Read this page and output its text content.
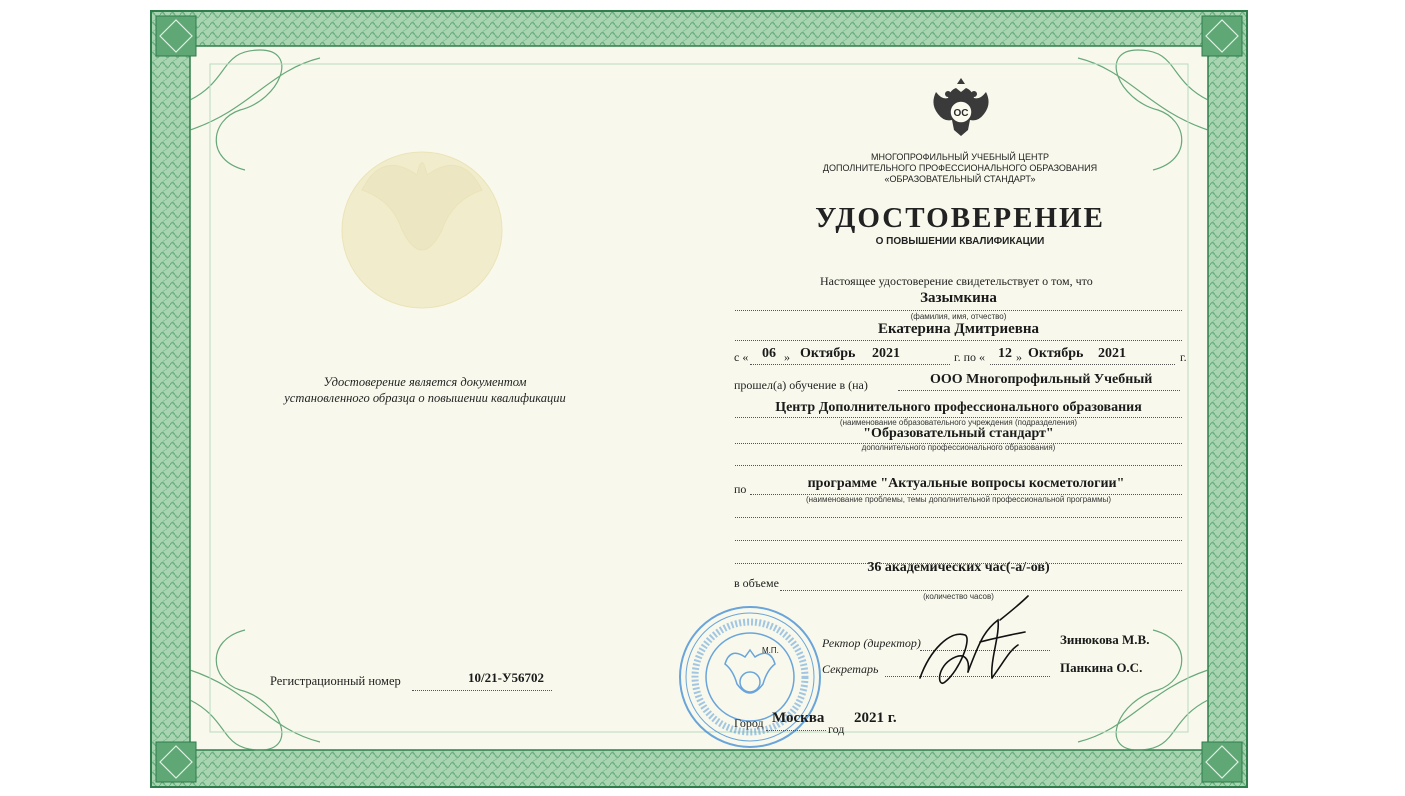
Удостоверение является документом
установленного образца о повышении квалификации
Регистрационный номер	10/21-У56702
ОС
МНОГОПРОФИЛЬНЫЙ УЧЕБНЫЙ ЦЕНТР
ДОПОЛНИТЕЛЬНОГО ПРОФЕССИОНАЛЬНОГО ОБРАЗОВАНИЯ
«ОБРАЗОВАТЕЛЬНЫЙ СТАНДАРТ»
УДОСТОВЕРЕНИЕ
О ПОВЫШЕНИИ КВАЛИФИКАЦИИ
Настоящее удостоверение свидетельствует о том, что
Зазымкина
(фамилия, имя, отчество)
Екатерина Дмитриевна
с « 06 » Октябрь 2021	г. по « 12 » Октябрь 2021	г.
прошел(а) обучение в (на)	ООО Многопрофильный Учебный
Центр Дополнительного профессионального образования
(наименование образовательного учреждения (подразделения)
"Образовательный стандарт"
дополнительного профессионального образования)
по	программе "Актуальные вопросы косметологии"
(наименование проблемы, темы дополнительной профессиональной программы)
36 академических час(-а/-ов)
в объеме
(количество часов)
М.П.
Ректор (директор)	Зинюкова М.В.
Секретарь	Панкина О.С.
Город Москва
год
2021 г.
